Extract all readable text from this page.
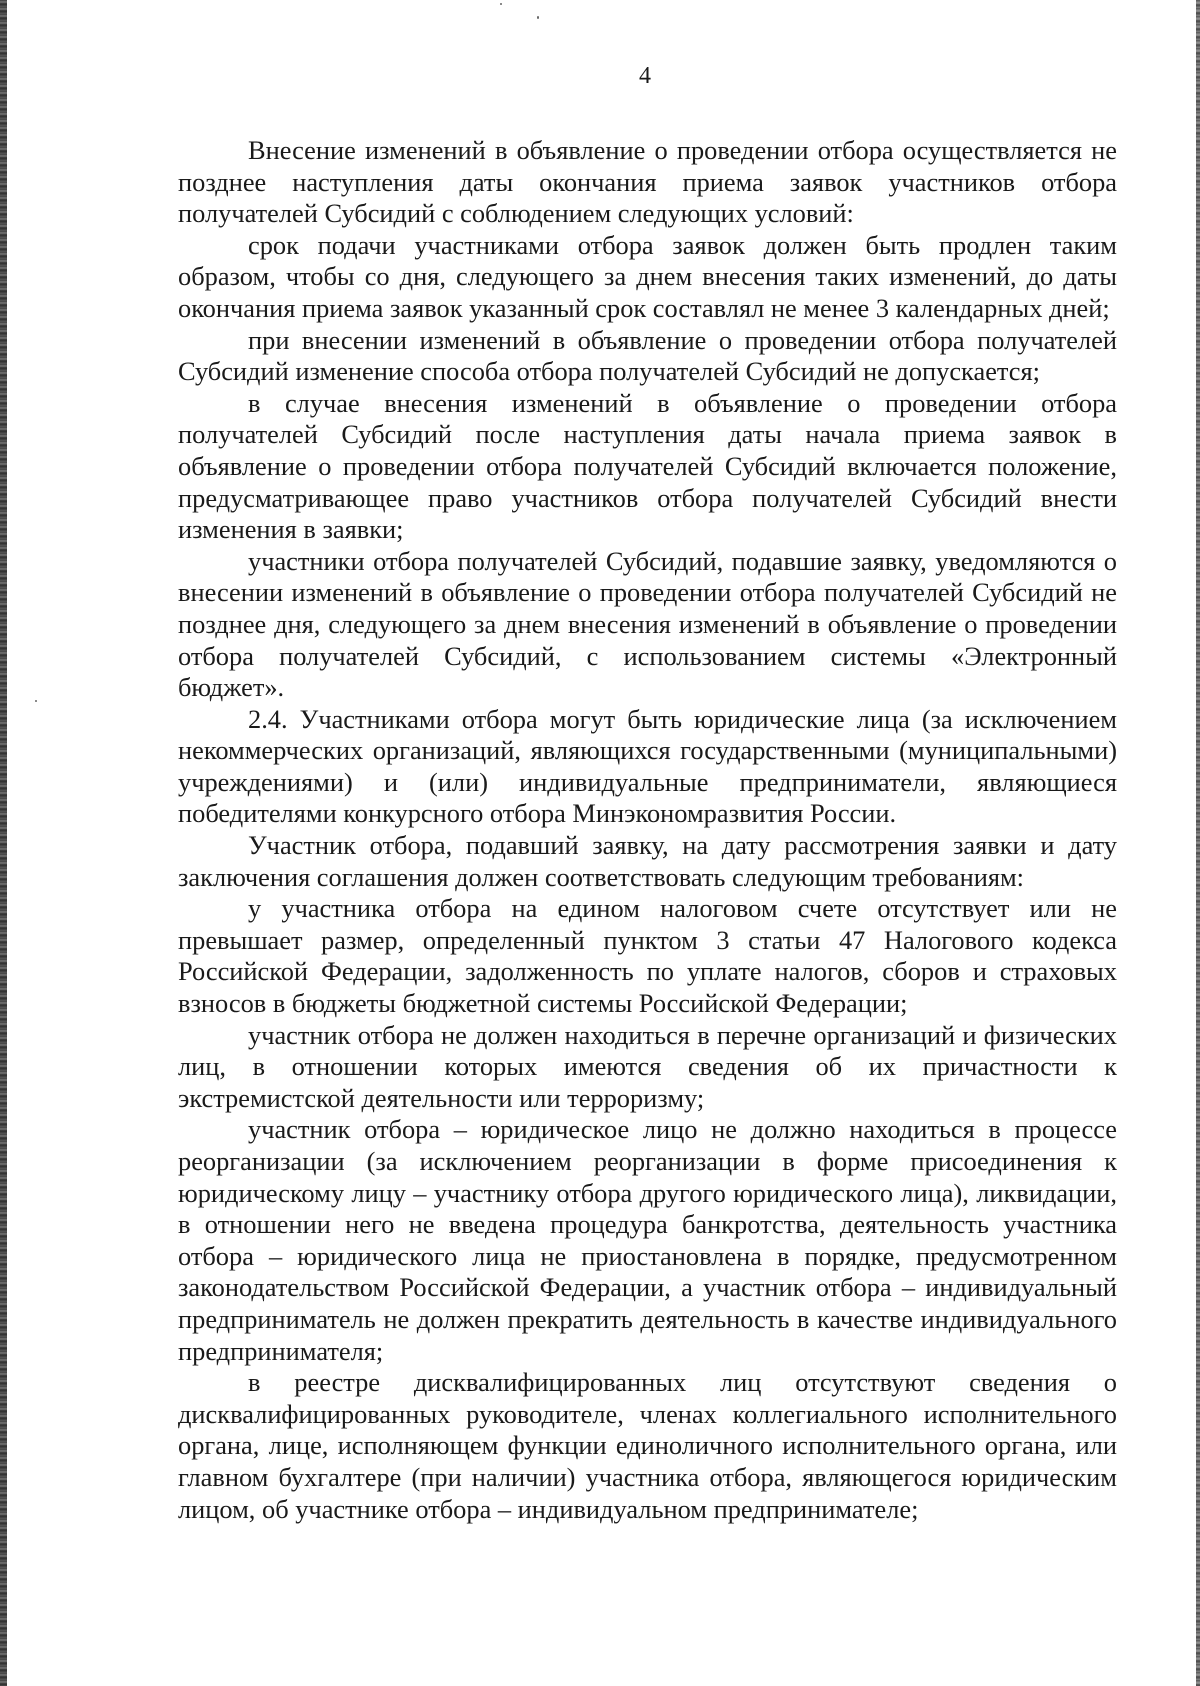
4

Внесение изменений в объявление о проведении отбора осуществляется не позднее наступления даты окончания приема заявок участников отбора получателей Субсидий с соблюдением следующих условий:

срок подачи участниками отбора заявок должен быть продлен таким образом, чтобы со дня, следующего за днем внесения таких изменений, до даты окончания приема заявок указанный срок составлял не менее 3 календарных дней;

при внесении изменений в объявление о проведении отбора получателей Субсидий изменение способа отбора получателей Субсидий не допускается;

в случае внесения изменений в объявление о проведении отбора получателей Субсидий после наступления даты начала приема заявок в объявление о проведении отбора получателей Субсидий включается положение, предусматривающее право участников отбора получателей Субсидий внести изменения в заявки;

участники отбора получателей Субсидий, подавшие заявку, уведомляются о внесении изменений в объявление о проведении отбора получателей Субсидий не позднее дня, следующего за днем внесения изменений в объявление о проведении отбора получателей Субсидий, с использованием системы «Электронный бюджет».

2.4. Участниками отбора могут быть юридические лица (за исключением некоммерческих организаций, являющихся государственными (муниципальными) учреждениями) и (или) индивидуальные предприниматели, являющиеся победителями конкурсного отбора Минэкономразвития России.

Участник отбора, подавший заявку, на дату рассмотрения заявки и дату заключения соглашения должен соответствовать следующим требованиям:

у участника отбора на едином налоговом счете отсутствует или не превышает размер, определенный пунктом 3 статьи 47 Налогового кодекса Российской Федерации, задолженность по уплате налогов, сборов и страховых взносов в бюджеты бюджетной системы Российской Федерации;

участник отбора не должен находиться в перечне организаций и физических лиц, в отношении которых имеются сведения об их причастности к экстремистской деятельности или терроризму;

участник отбора – юридическое лицо не должно находиться в процессе реорганизации (за исключением реорганизации в форме присоединения к юридическому лицу – участнику отбора другого юридического лица), ликвидации, в отношении него не введена процедура банкротства, деятельность участника отбора – юридического лица не приостановлена в порядке, предусмотренном законодательством Российской Федерации, а участник отбора – индивидуальный предприниматель не должен прекратить деятельность в качестве индивидуального предпринимателя;

в реестре дисквалифицированных лиц отсутствуют сведения о дисквалифицированных руководителе, членах коллегиального исполнительного органа, лице, исполняющем функции единоличного исполнительного органа, или главном бухгалтере (при наличии) участника отбора, являющегося юридическим лицом, об участнике отбора – индивидуальном предпринимателе;
